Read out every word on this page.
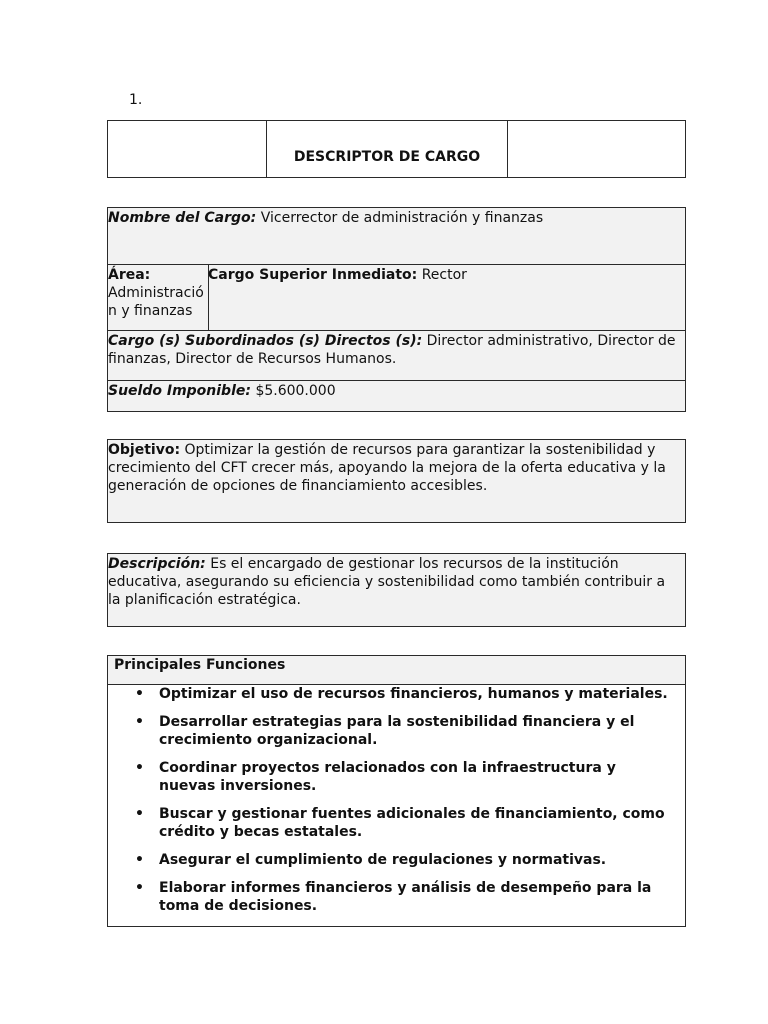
1.
DESCRIPTOR DE CARGO
Nombre del Cargo: Vicerrector de administración y finanzas
Área:
Administración y finanzas
Cargo Superior Inmediato: Rector
Cargo (s) Subordinados (s) Directos (s): Director administrativo, Director de finanzas, Director de Recursos Humanos.
Sueldo Imponible: $5.600.000
Objetivo: Optimizar la gestión de recursos para garantizar la sostenibilidad y crecimiento del CFT crecer más, apoyando la mejora de la oferta educativa y la generación de opciones de financiamiento accesibles.
Descripción: Es el encargado de gestionar los recursos de la institución educativa, asegurando su eficiencia y sostenibilidad como también contribuir a la planificación estratégica.
Principales Funciones
• Optimizar el uso de recursos financieros, humanos y materiales.
• Desarrollar estrategias para la sostenibilidad financiera y el crecimiento organizacional.
• Coordinar proyectos relacionados con la infraestructura y nuevas inversiones.
• Buscar y gestionar fuentes adicionales de financiamiento, como crédito y becas estatales.
• Asegurar el cumplimiento de regulaciones y normativas.
• Elaborar informes financieros y análisis de desempeño para la toma de decisiones.
